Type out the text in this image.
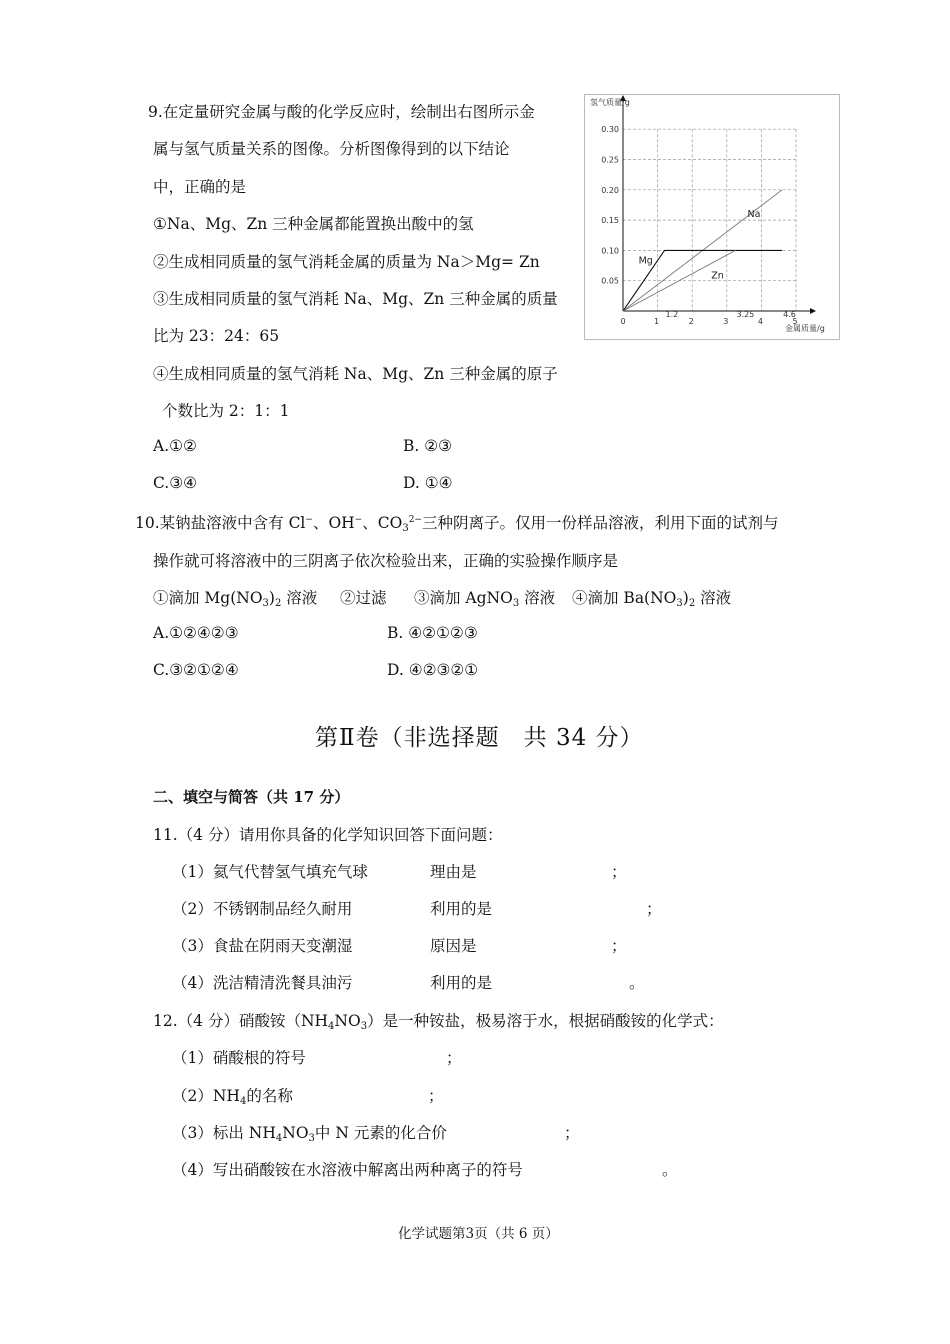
9.在定量研究金属与酸的化学反应时，绘制出右图所示金
属与氢气质量关系的图像。分析图像得到的以下结论
中，正确的是
①Na、Mg、Zn 三种金属都能置换出酸中的氢
②生成相同质量的氢气消耗金属的质量为 Na＞Mg= Zn
③生成相同质量的氢气消耗 Na、Mg、Zn 三种金属的质量
比为 23：24：65
④生成相同质量的氢气消耗 Na、Mg、Zn 三种金属的原子
个数比为 2：1：1
A.①②	B. ②③
C.③④	D. ①④
0.30
0.25
0.20
0.15
0.10
0.05
0	1
1.2
2	3
3.25
4
4.6
5
Na
Mg
Zn
氢气质量/g
金属质量/g
10.某钠盐溶液中含有 Cl−、OH−、$CO_3^{2-}$三种阴离子。仅用一份样品溶液，利用下面的试剂与
操作就可将溶液中的三阴离子依次检验出来，正确的实验操作顺序是
①滴加 $Mg(NO_3)_2$ 溶液 ②过滤 ③滴加 AgNO$_3$ 溶液 ④滴加 $Ba(NO_3)_2$ 溶液
A.①②④②③	B. ④②①②③
C.③②①②④	D. ④②③②①
第Ⅱ卷（非选择题　共 34 分）
二、填空与简答（共 17 分）
11.（4 分）请用你具备的化学知识回答下面问题：
（1）氦气代替氢气填充气球	理由是	；
（2）不锈钢制品经久耐用	利用的是	；
（3）食盐在阴雨天变潮湿	原因是	；
（4）洗洁精清洗餐具油污	利用的是	。
12.（4 分）硝酸铵$(NH_4NO_3)$是一种铵盐，极易溶于水，根据硝酸铵的化学式：
（1）硝酸根的符号	；
$(2)NH_4$的名称	；
（3）标出 $NH_4NO_3$中 N 元素的化合价	；
（4）写出硝酸铵在水溶液中解离出两种离子的符号	。
化学试题第3页（共 6 页）
